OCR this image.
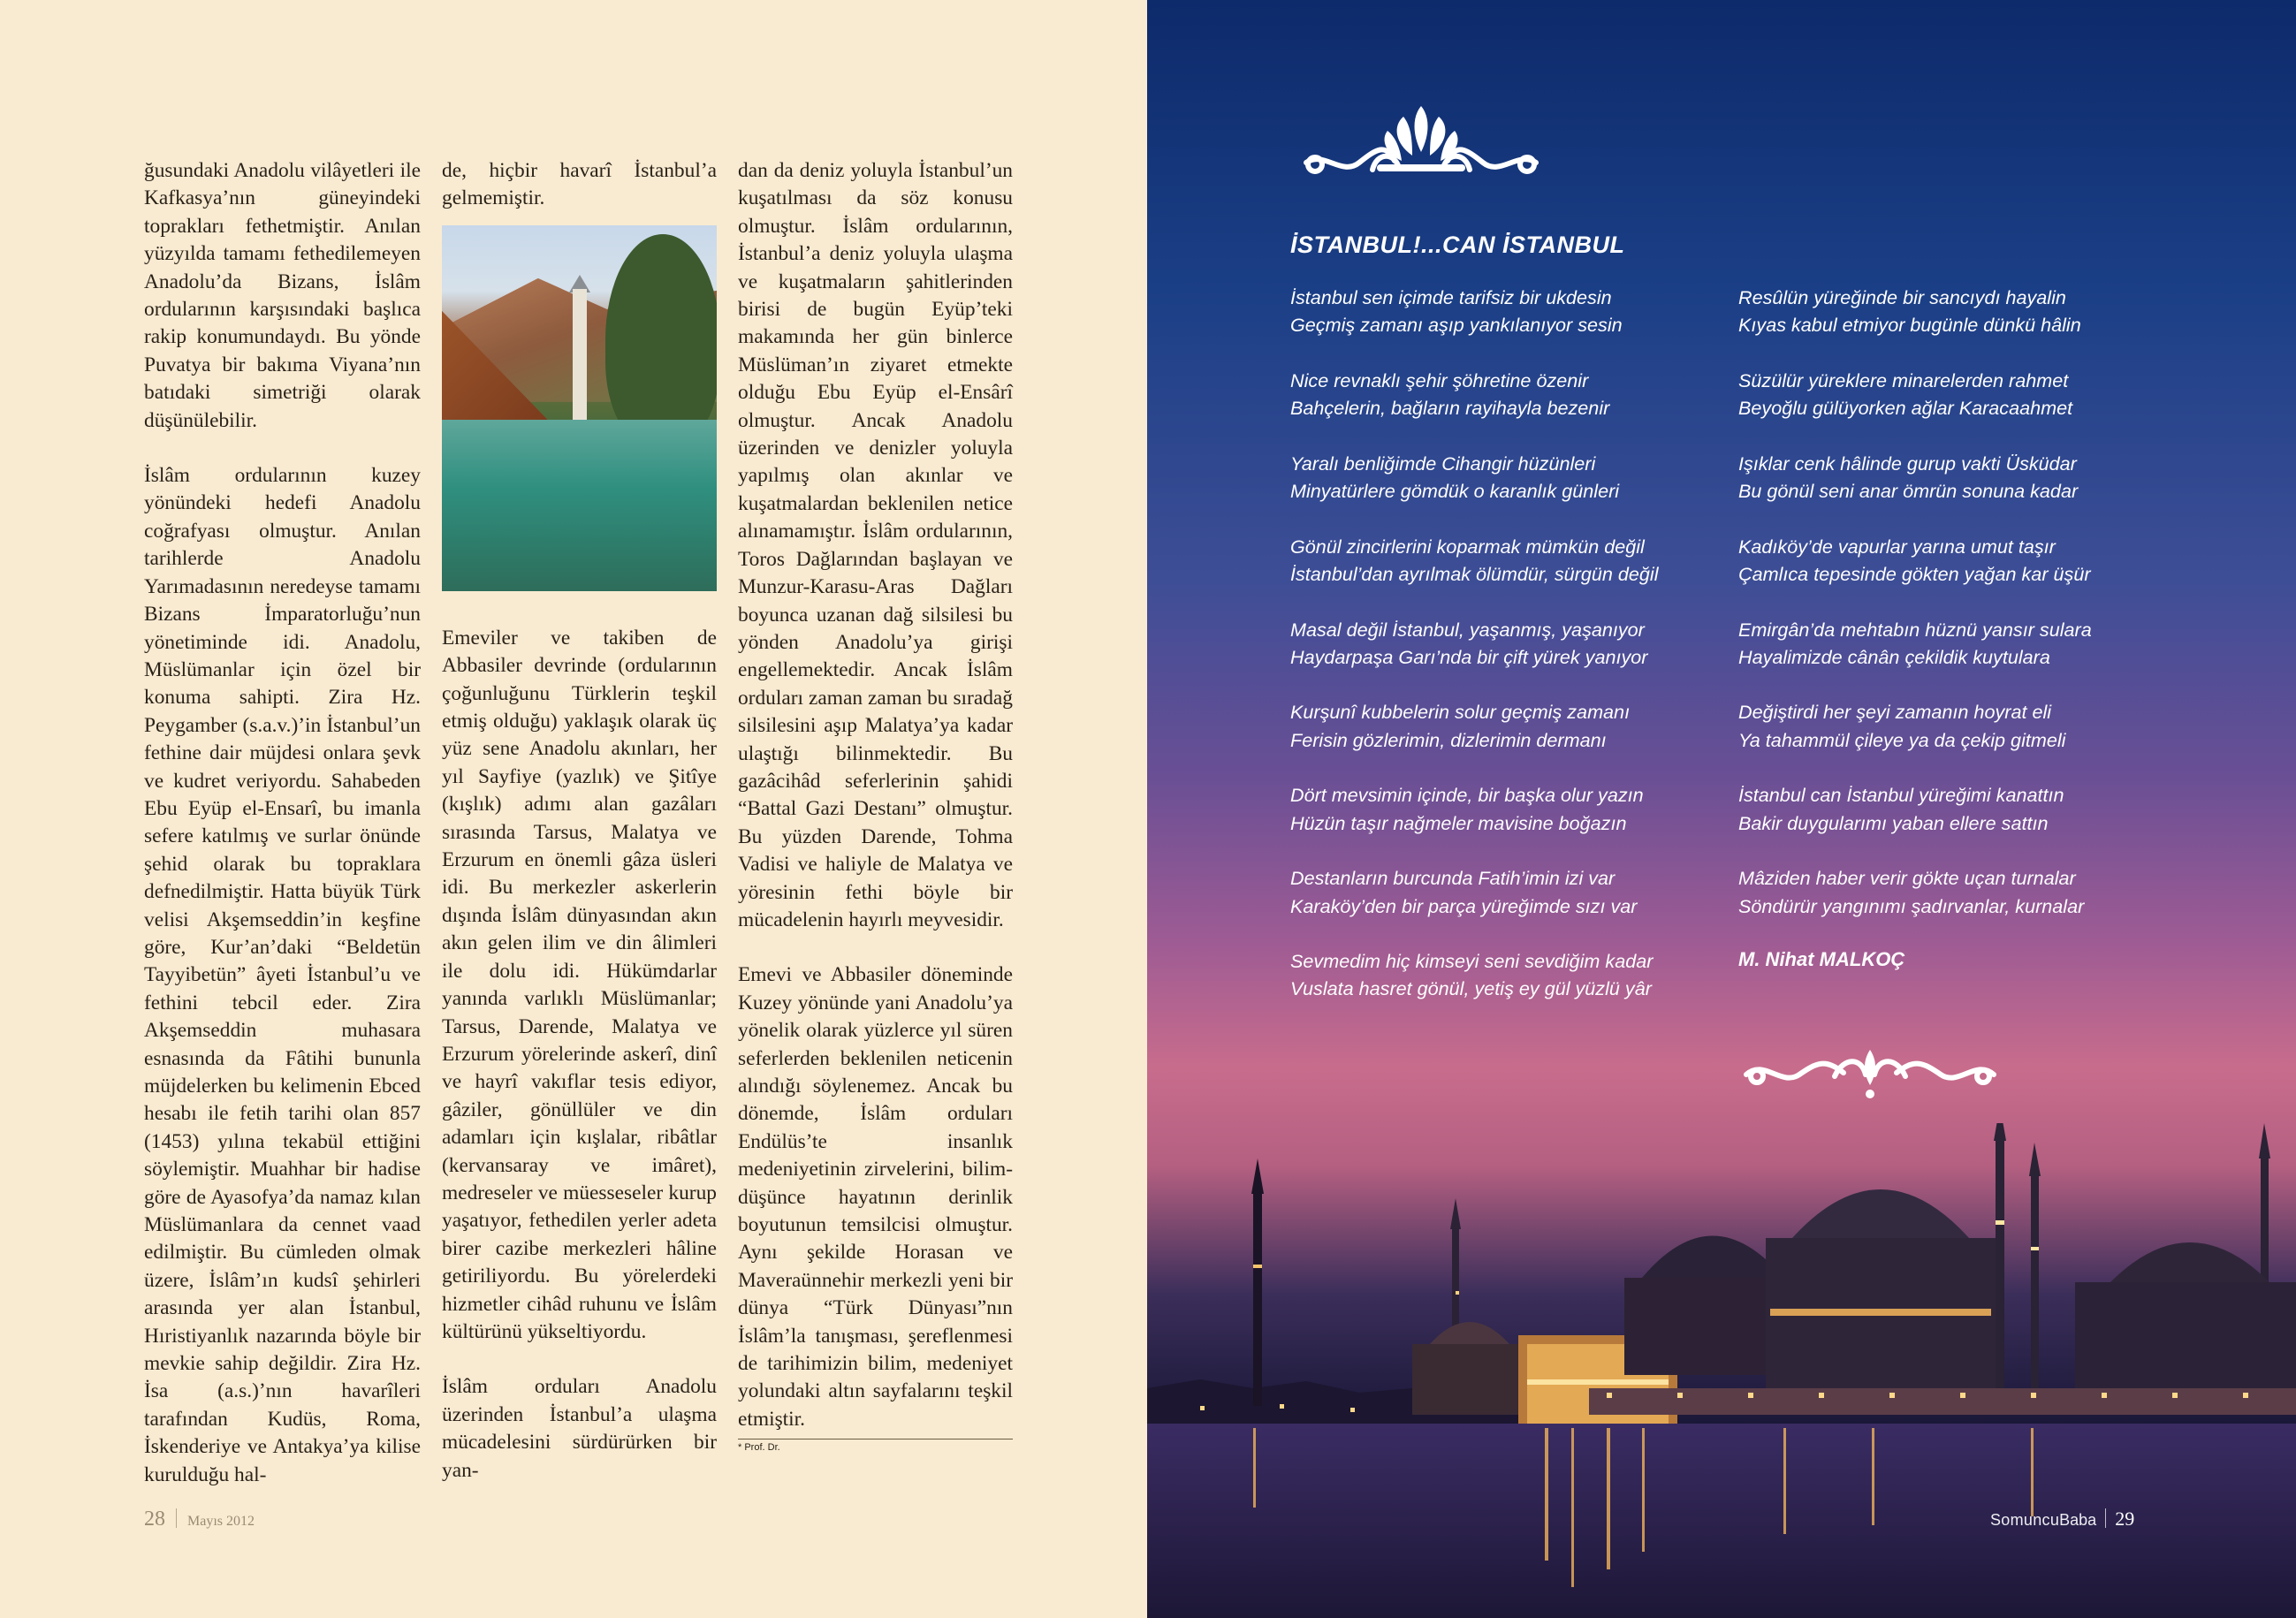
ğusundaki Anadolu vilâyetleri ile Kafkasya’nın güneyindeki toprakları fethetmiştir. Anılan yüzyılda tamamı fethedilemeyen Anadolu’da Bizans, İslâm ordularının karşısındaki başlıca rakip konumundaydı. Bu yönde Puvatya bir bakıma Viyana’nın batıdaki simetriği olarak düşünülebilir.

İslâm ordularının kuzey yönündeki hedefi Anadolu coğrafyası olmuştur. Anılan tarihlerde Anadolu Yarımadasının neredeyse tamamı Bizans İmparatorluğu’nun yönetiminde idi. Anadolu, Müslümanlar için özel bir konuma sahipti. Zira Hz. Peygamber (s.a.v.)’in İstanbul’un fethine dair müjdesi onlara şevk ve kudret veriyordu. Sahabeden Ebu Eyüp el-Ensarî, bu imanla sefere katılmış ve surlar önünde şehid olarak bu topraklara defnedilmiştir. Hatta büyük Türk velisi Akşemseddin’in keşfine göre, Kur’an’daki “Beldetün Tayyibetün” âyeti İstanbul’u ve fethini tebcil eder. Zira Akşemseddin muhasara esnasında da Fâtihi bununla müjdelerken bu kelimenin Ebced hesabı ile fetih tarihi olan 857 (1453) yılına tekabül ettiğini söylemiştir. Muahhar bir hadise göre de Ayasofya’da namaz kılan Müslümanlara da cennet vaad edilmiştir. Bu cümleden olmak üzere, İslâm’ın kudsî şehirleri arasında yer alan İstanbul, Hıristiyanlık nazarında böyle bir mevkie sahip değildir. Zira Hz. İsa (a.s.)’nın havarîleri tarafından Kudüs, Roma, İskenderiye ve Antakya’ya kilise kurulduğu hal-

de, hiçbir havarî İstanbul’a gelmemiştir.

Emeviler ve takiben de Abbasiler devrinde (ordularının çoğunluğunu Türklerin teşkil etmiş olduğu) yaklaşık olarak üç yüz sene Anadolu akınları, her yıl Sayfiye (yazlık) ve Şitîye (kışlık) adımı alan gazâları sırasında Tarsus, Malatya ve Erzurum en önemli gâza üsleri idi. Bu merkezler askerlerin dışında İslâm dünyasından akın akın gelen ilim ve din âlimleri ile dolu idi. Hükümdarlar yanında varlıklı Müslümanlar; Tarsus, Darende, Malatya ve Erzurum yörelerinde askerî, dinî ve hayrî vakıflar tesis ediyor, gâziler, gönüllüler ve din adamları için kışlalar, ribâtlar (kervansaray ve imâret), medreseler ve müesseseler kurup yaşatıyor, fethedilen yerler adeta birer cazibe merkezleri hâline getiriliyordu. Bu yörelerdeki hizmetler cihâd ruhunu ve İslâm kültürünü yükseltiyordu.

İslâm orduları Anadolu üzerinden İstanbul’a ulaşma mücadelesini sürdürürken bir yan-

dan da deniz yoluyla İstanbul’un kuşatılması da söz konusu olmuştur. İslâm ordularının, İstanbul’a deniz yoluyla ulaşma ve kuşatmaların şahitlerinden birisi de bugün Eyüp’teki makamında her gün binlerce Müslüman’ın ziyaret etmekte olduğu Ebu Eyüp el-Ensârî olmuştur. Ancak Anadolu üzerinden ve denizler yoluyla yapılmış olan akınlar ve kuşatmalardan beklenilen netice alınamamıştır. İslâm ordularının, Toros Dağlarından başlayan ve Munzur-Karasu-Aras Dağları boyunca uzanan dağ silsilesi bu yönden Anadolu’ya girişi engellemektedir. Ancak İslâm orduları zaman zaman bu sıradağ silsilesini aşıp Malatya’ya kadar ulaştığı bilinmektedir. Bu gazâcihâd seferlerinin şahidi “Battal Gazi Destanı” olmuştur. Bu yüzden Darende, Tohma Vadisi ve haliyle de Malatya ve yöresinin fethi böyle bir mücadelenin hayırlı meyvesidir.

Emevi ve Abbasiler döneminde Kuzey yönünde yani Anadolu’ya yönelik olarak yüzlerce yıl süren seferlerden beklenilen neticenin alındığı söylenemez. Ancak bu dönemde, İslâm orduları Endülüs’te insanlık medeniyetinin zirvelerini, bilim-düşünce hayatının derinlik boyutunun temsilcisi olmuştur. Aynı şekilde Horasan ve Maveraünnehir merkezli yeni bir dünya “Türk Dünyası”nın İslâm’la tanışması, şereflenmesi de tarihimizin bilim, medeniyet yolundaki altın sayfalarını teşkil etmiştir.

* Prof. Dr.
28 Mayıs 2012
İSTANBUL!...CAN İSTANBUL
İstanbul sen içimde tarifsiz bir ukdesin
Geçmiş zamanı aşıp yankılanıyor sesin
Nice revnaklı şehir şöhretine özenir
Bahçelerin, bağların rayihayla bezenir
Yaralı benliğimde Cihangir hüzünleri
Minyatürlere gömdük o karanlık günleri
Gönül zincirlerini koparmak mümkün değil
İstanbul’dan ayrılmak ölümdür, sürgün değil
Masal değil İstanbul, yaşanmış, yaşanıyor
Haydarpaşa Garı’nda bir çift yürek yanıyor
Kurşunî kubbelerin solur geçmiş zamanı
Ferisin gözlerimin, dizlerimin dermanı
Dört mevsimin içinde, bir başka olur yazın
Hüzün taşır nağmeler mavisine boğazın
Destanların burcunda Fatih’imin izi var
Karaköy’den bir parça yüreğimde sızı var
Sevmedim hiç kimseyi seni sevdiğim kadar
Vuslata hasret gönül, yetiş ey gül yüzlü yâr
Resûlün yüreğinde bir sancıydı hayalin
Kıyas kabul etmiyor bugünle dünkü hâlin
Süzülür yüreklere minarelerden rahmet
Beyoğlu gülüyorken ağlar Karacaahmet
Işıklar cenk hâlinde gurup vakti Üsküdar
Bu gönül seni anar ömrün sonuna kadar
Kadıköy’de vapurlar yarına umut taşır
Çamlıca tepesinde gökten yağan kar üşür
Emirgân’da mehtabın hüznü yansır sulara
Hayalimizde cânân çekildik kuytulara
Değiştirdi her şeyi zamanın hoyrat eli
Ya tahammül çileye ya da çekip gitmeli
İstanbul can İstanbul yüreğimi kanattın
Bakir duygularımı yaban ellere sattın
Mâziden haber verir gökte uçan turnalar
Söndürür yangınımı şadırvanlar, kurnalar
M. Nihat MALKOÇ
SomuncuBaba 29
